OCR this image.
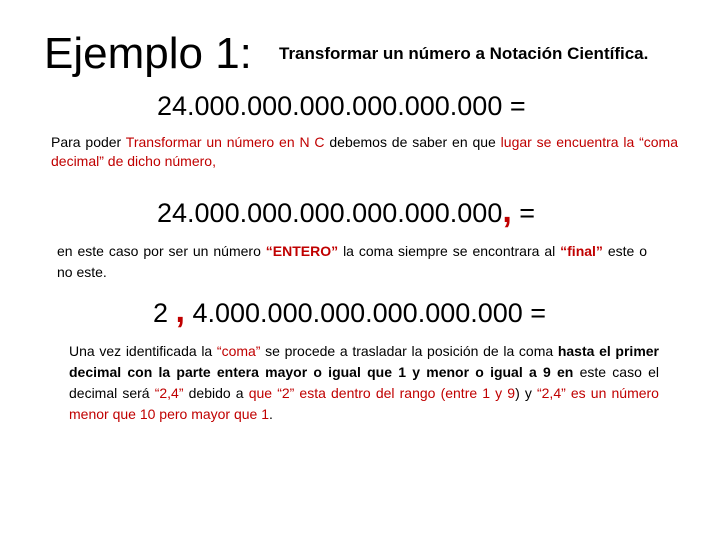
Ejemplo 1: Transformar un número a Notación Científica.
24.000.000.000.000.000.000 =
Para poder Transformar un número en N C debemos de saber en que lugar se encuentra la “coma decimal” de dicho número,
24.000.000.000.000.000.000, =
en este caso por ser un número “ENTERO” la coma siempre se encontrara al “final” este o no este.
2 , 4.000.000.000.000.000.000 =
Una vez identificada la “coma” se procede a trasladar la posición de la coma hasta el primer decimal con la parte entera mayor o igual que 1 y menor o igual a 9 en este caso el decimal será “2,4” debido a que “2” esta dentro del rango (entre 1 y 9) y “2,4” es un número menor que 10 pero mayor que 1.
